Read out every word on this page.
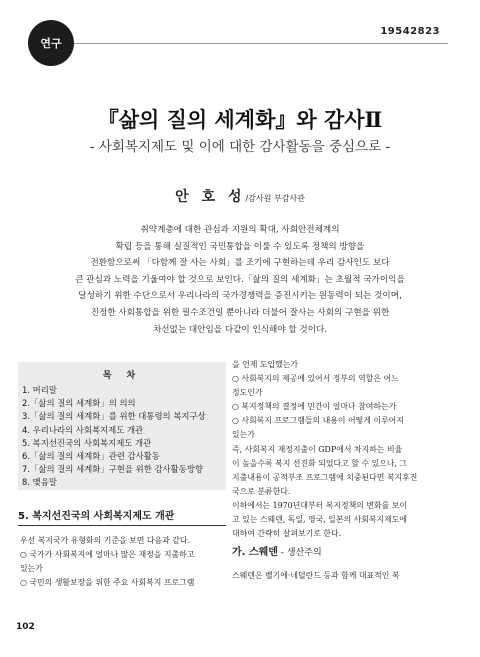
연구
19542823
『삶의 질의 세계화』와 감사Ⅱ
- 사회복지제도 및 이에 대한 감사활동을 중심으로 -
안 호 성/감사원 부감사관
취약계층에 대한 관심과 지원의 확대, 사회안전체계의
확립 등을 통해 실질적인 국민통합을 이룰 수 있도록 정책의 방향을
전환함으로써 「다함께 잘 사는 사회」를 조기에 구현하는데 우리 감사인도 보다
큰 관심과 노력을 기울여야 할 것으로 보인다.「삶의 질의 세계화」는 초월적 국가이익을
달성하기 위한 수단으로서 우리나라의 국가경쟁력을 증진시키는 원동력이 되는 것이며,
진정한 사회통합을 위한 필수조건일 뿐아니라 더불어 잘사는 사회의 구현을 위한
차선없는 대안임을 다같이 인식해야 할 것이다.
목 차
1. 머리말
2.「삶의 질의 세계화」의 의의
3.「삶의 질의 세계화」를 위한 대통령의 복지구상
4. 우리나라의 사회복지제도 개관
5. 복지선진국의 사회복지제도 개관
6.「삶의 질의 세계화」관련 감사활동
7.「삶의 질의 세계화」구현을 위한 감사활동방향
8. 맺음말
5. 복지선진국의 사회복지제도 개관
우선 복지국가 유형화의 기준을 보면 다음과 같다.
○ 국가가 사회복지에 얼마나 많은 재정을 지출하고
있는가
○ 국민의 생활보장을 위한 주요 사회복지 프로그램
을 언제 도입했는가
○ 사회복지의 제공에 있어서 정부의 역할은 어느
정도인가
○ 복지정책의 결정에 민간이 얼마나 참여하는가
○ 사회복지 프로그램들의 내용이 어떻게 이루어져
있는가
즉, 사회복지 재정지출이 GDP에서 차지하는 비율
이 높을수록 복지 선진화 되었다고 할 수 있으나, 그
지출내용이 공적부조 프로그램에 치중된다면 복지후진
국으로 분류한다.
이하에서는 1970년대부터 복지정책의 변화를 보이
고 있는 스웨덴, 독일, 영국, 일본의 사회복지제도에
대하여 간략히 살펴보기로 한다.
가. 스웨덴 - 생산주의
스웨덴은 벨기에·네덜란드 등과 함께 대표적인 복
102
